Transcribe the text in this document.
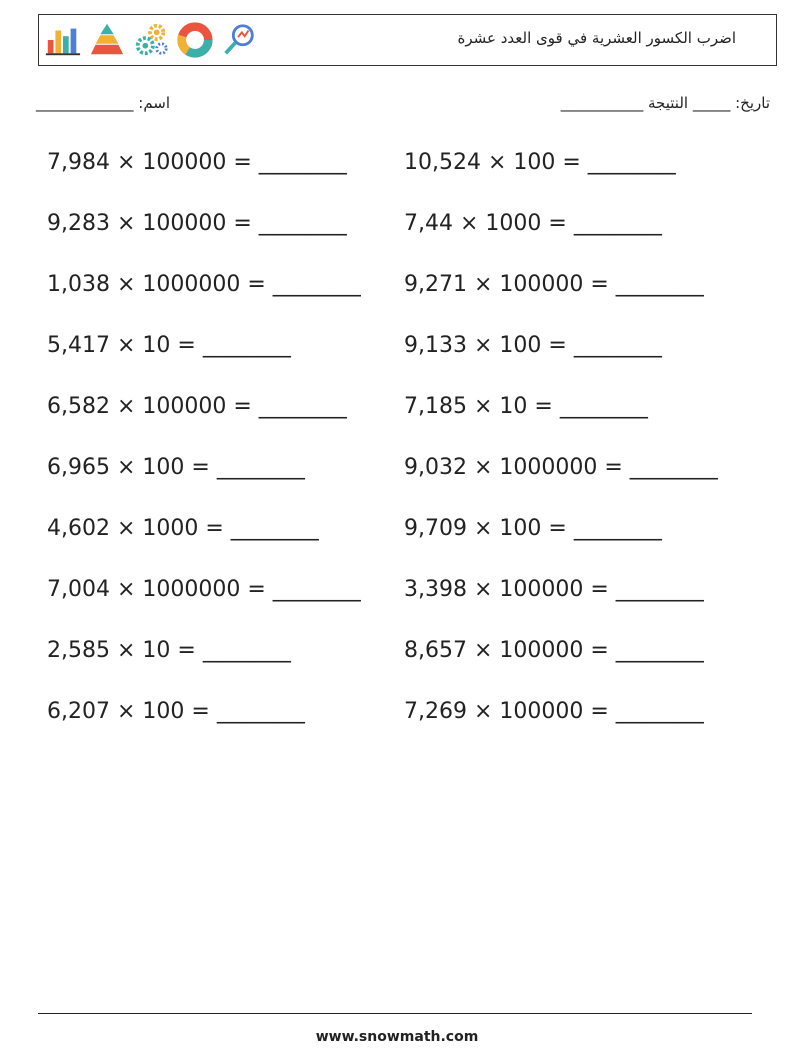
اضرب الكسور العشرية في قوى العدد عشرة
اسم: _____________	تاريخ: _____ النتيجة ___________
7,984 × 100000 = ________
9,283 × 100000 = ________
1,038 × 1000000 = ________
5,417 × 10 = ________
6,582 × 100000 = ________
6,965 × 100 = ________
4,602 × 1000 = ________
7,004 × 1000000 = ________
2,585 × 10 = ________
6,207 × 100 = ________
10,524 × 100 = ________
7,44 × 1000 = ________
9,271 × 100000 = ________
9,133 × 100 = ________
7,185 × 10 = ________
9,032 × 1000000 = ________
9,709 × 100 = ________
3,398 × 100000 = ________
8,657 × 100000 = ________
7,269 × 100000 = ________
www.snowmath.com
